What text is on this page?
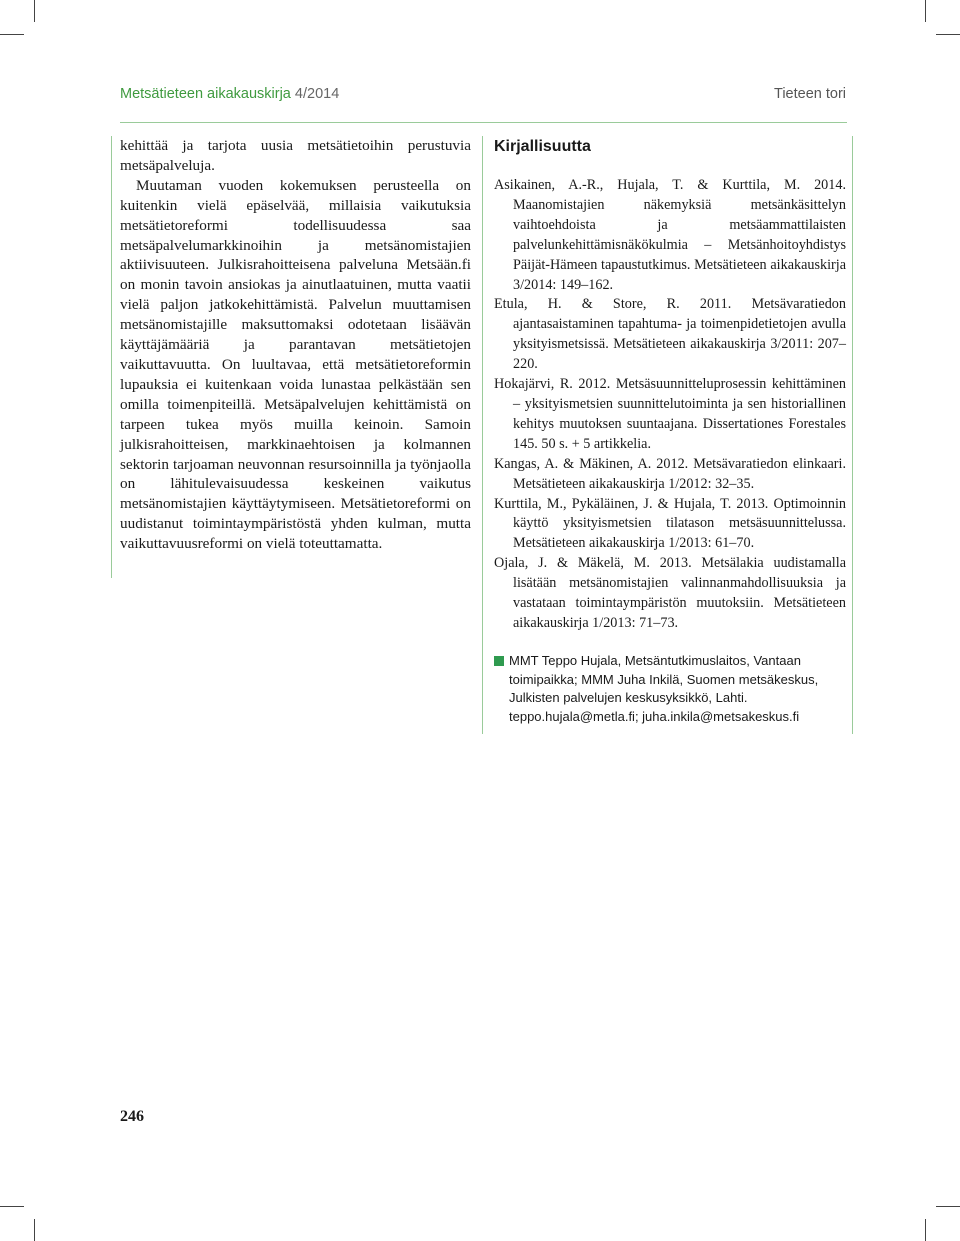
Metsätieteen aikakauskirja 4/2014	Tieteen tori

kehittää ja tarjota uusia metsätietoihin perustuvia metsäpalveluja.

Muutaman vuoden kokemuksen perusteella on kuitenkin vielä epäselvää, millaisia vaikutuksia metsätietoreformi todellisuudessa saa metsäpalvelumarkkinoihin ja metsänomistajien aktiivisuuteen. Julkisrahoitteisena palveluna Metsään.fi on monin tavoin ansiokas ja ainutlaatuinen, mutta vaatii vielä paljon jatkokehittämistä. Palvelun muuttamisen metsänomistajille maksuttomaksi odotetaan lisäävän käyttäjämääriä ja parantavan metsätietojen vaikuttavuutta. On luultavaa, että metsätietoreformin lupauksia ei kuitenkaan voida lunastaa pelkästään sen omilla toimenpiteillä. Metsäpalvelujen kehittämistä on tarpeen tukea myös muilla keinoin. Samoin julkisrahoitteisen, markkinaehtoisen ja kolmannen sektorin tarjoaman neuvonnan resursoinnilla ja työnjaolla on lähitulevaisuudessa keskeinen vaikutus metsänomistajien käyttäytymiseen. Metsätietoreformi on uudistanut toimintaympäristöstä yhden kulman, mutta vaikuttavuusreformi on vielä toteuttamatta.

Kirjallisuutta
Asikainen, A.-R., Hujala, T. & Kurttila, M. 2014. Maanomistajien näkemyksiä metsänkäsittelyn vaihtoehdoista ja metsäammattilaisten palvelunkehittämisnäkökulmia – Metsänhoitoyhdistys Päijät-Hämeen tapaustutkimus. Metsätieteen aikakauskirja 3/2014: 149–162.
Etula, H. & Store, R. 2011. Metsävaratiedon ajantasaistaminen tapahtuma- ja toimenpidetietojen avulla yksityismetsissä. Metsätieteen aikakauskirja 3/2011: 207–220.
Hokajärvi, R. 2012. Metsäsuunnitteluprosessin kehittäminen – yksityismetsien suunnittelutoiminta ja sen historiallinen kehitys muutoksen suuntaajana. Dissertationes Forestales 145. 50 s. + 5 artikkelia.
Kangas, A. & Mäkinen, A. 2012. Metsävaratiedon elinkaari. Metsätieteen aikakauskirja 1/2012: 32–35.
Kurttila, M., Pykäläinen, J. & Hujala, T. 2013. Optimoinnin käyttö yksityismetsien tilatason metsäsuunnittelussa. Metsätieteen aikakauskirja 1/2013: 61–70.
Ojala, J. & Mäkelä, M. 2013. Metsälakia uudistamalla lisätään metsänomistajien valinnanmahdollisuuksia ja vastataan toimintaympäristön muutoksiin. Metsätieteen aikakauskirja 1/2013: 71–73.
MMT Teppo Hujala, Metsäntutkimuslaitos, Vantaan toimipaikka; MMM Juha Inkilä, Suomen metsäkeskus, Julkisten palvelujen keskusyksikkö, Lahti.
teppo.hujala@metla.fi; juha.inkila@metsakeskus.fi
246
